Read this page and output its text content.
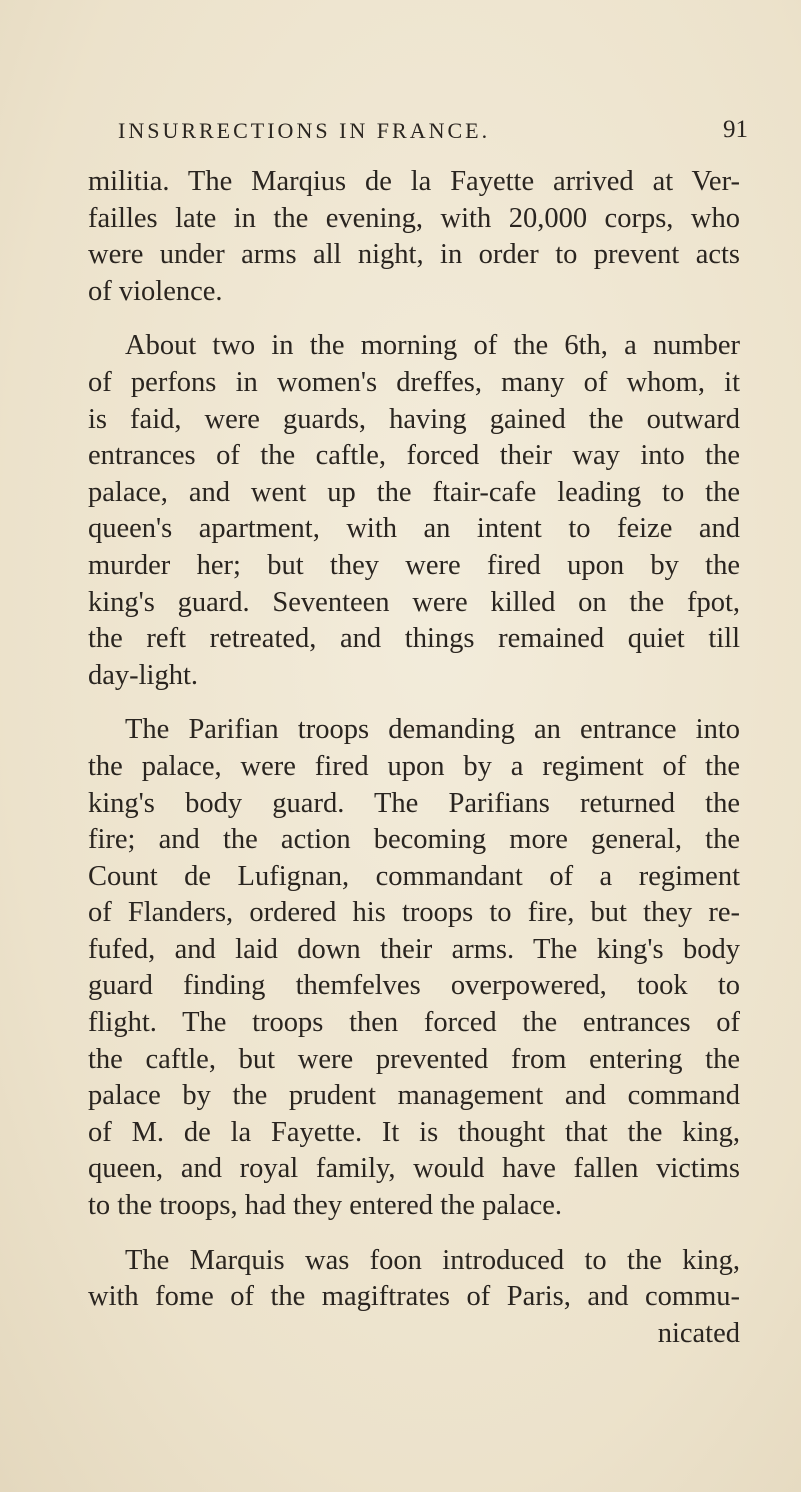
INSURRECTIONS IN FRANCE.	91
militia. The Marqius de la Fayette arrived at Ver-
failles late in the evening, with 20,000 corps, who
were under arms all night, in order to prevent acts
of violence.
About two in the morning of the 6th, a number
of perfons in women's dreffes, many of whom, it
is faid, were guards, having gained the outward
entrances of the caftle, forced their way into the
palace, and went up the ftair-cafe leading to the
queen's apartment, with an intent to feize and
murder her; but they were fired upon by the
king's guard. Seventeen were killed on the fpot,
the reft retreated, and things remained quiet till
day-light.
The Parifian troops demanding an entrance into
the palace, were fired upon by a regiment of the
king's body guard. The Parifians returned the
fire; and the action becoming more general, the
Count de Lufignan, commandant of a regiment
of Flanders, ordered his troops to fire, but they re-
fufed, and laid down their arms. The king's body
guard finding themfelves overpowered, took to
flight. The troops then forced the entrances of
the caftle, but were prevented from entering the
palace by the prudent management and command
of M. de la Fayette. It is thought that the king,
queen, and royal family, would have fallen victims
to the troops, had they entered the palace.
The Marquis was foon introduced to the king,
with fome of the magiftrates of Paris, and commu-
nicated
